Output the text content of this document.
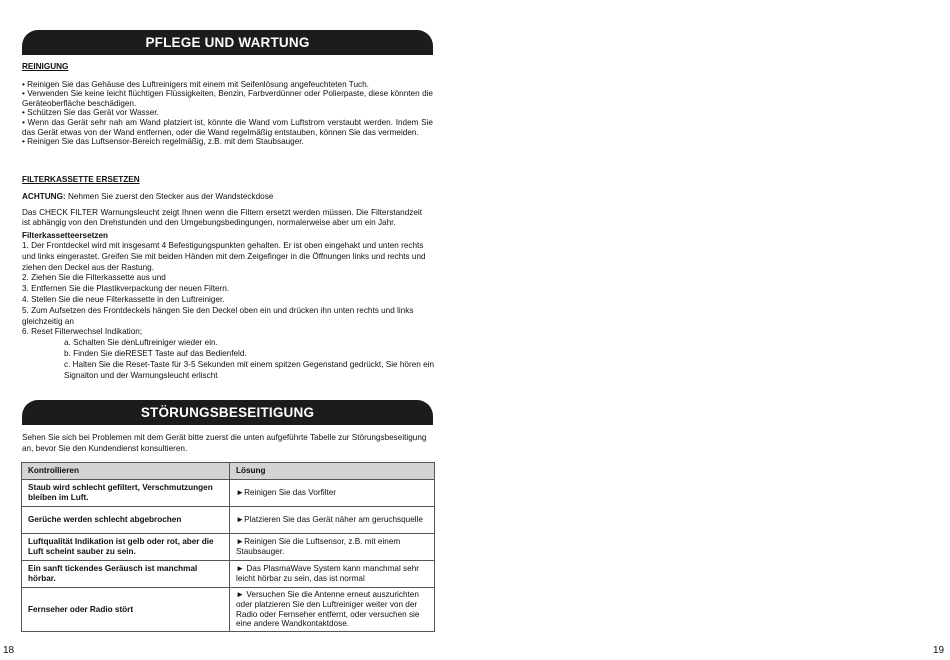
PFLEGE UND WARTUNG
REINIGUNG

• Reinigen Sie das Gehäuse des Luftreinigers mit einem mit Seifenlösung angefeuchteten Tuch.

• Verwenden Sie keine leicht flüchtigen Flüssigkeiten, Benzin, Farbverdünner oder Polierpaste, diese könnten die Geräteoberfläche beschädigen.

• Schützen Sie das Gerät vor Wasser.

• Wenn das Gerät sehr nah am Wand platziert ist, könnte die Wand vom Luftstrom verstaubt werden. Indem Sie das Gerät etwas von der Wand entfernen, oder die Wand regelmäßig entstauben, können Sie das vermeiden.

• Reinigen Sie das Luftsensor-Bereich regelmäßig, z.B. mit dem Staubsauger.

FILTERKASSETTE ERSETZEN

ACHTUNG: Nehmen Sie zuerst den Stecker aus der Wandsteckdose

Das CHECK FILTER Warnungsleucht zeigt Ihnen wenn die Filtern ersetzt werden müssen. Die Filterstandzeit ist abhängig von den Drehstunden und den Umgebungsbedingungen, normalerweise aber um ein Jahr.

Filterkassetteersetzen

1. Der Frontdeckel wird mit insgesamt 4 Befestigungspunkten gehalten. Er ist oben eingehakt und unten rechts und links eingerastet. Greifen Sie mit beiden Händen mit dem Zeigefinger in die Öffnungen links und rechts und ziehen den Deckel aus der Rastung.

2. Ziehen Sie die Filterkassette aus und

3. Entfernen Sie die Plastikverpackung der neuen Filtern.

4. Stellen Sie die neue Filterkassette in den Luftreiniger.

5. Zum Aufsetzen des Frontdeckels hängen Sie den Deckel oben ein und drücken ihn unten rechts und links gleichzeitig an

6. Reset Filterwechsel Indikation;

a. Schalten Sie denLuftreiniger wieder ein.

b. Finden Sie dieRESET Taste auf das Bedienfeld.

c. Halten Sie die Reset-Taste für 3-5 Sekunden mit einem spitzen Gegenstand gedrückt, Sie hören ein Signalton und der Warnungsleucht erlischt

STÖRUNGSBESEITIGUNG

Sehen Sie sich bei Problemen mit dem Gerät bitte zuerst die unten aufgeführte Tabelle zur Störungsbeseitigung an, bevor Sie den Kundendienst konsultieren.

Kontrollieren	Lösung
Staub wird schlecht gefiltert, Verschmutzungen bleiben im Luft.	►Reinigen Sie das Vorfilter
Gerüche werden schlecht abgebrochen	►Platzieren Sie das Gerät näher am geruchsquelle
Luftqualität Indikation ist gelb oder rot, aber die Luft scheint sauber zu sein.	►Reinigen Sie die Luftsensor, z.B. mit einem Staubsauger.
Ein sanft tickendes Geräusch ist manchmal hörbar.	► Das PlasmaWave System kann manchmal sehr leicht hörbar zu sein, das ist normal
Fernseher oder Radio stört	► Versuchen Sie die Antenne erneut auszurichten oder platzieren Sie den Luftreiniger weiter von der Radio oder Fernseher entfernt, oder versuchen sie eine andere Wandkontaktdose.
18	19
